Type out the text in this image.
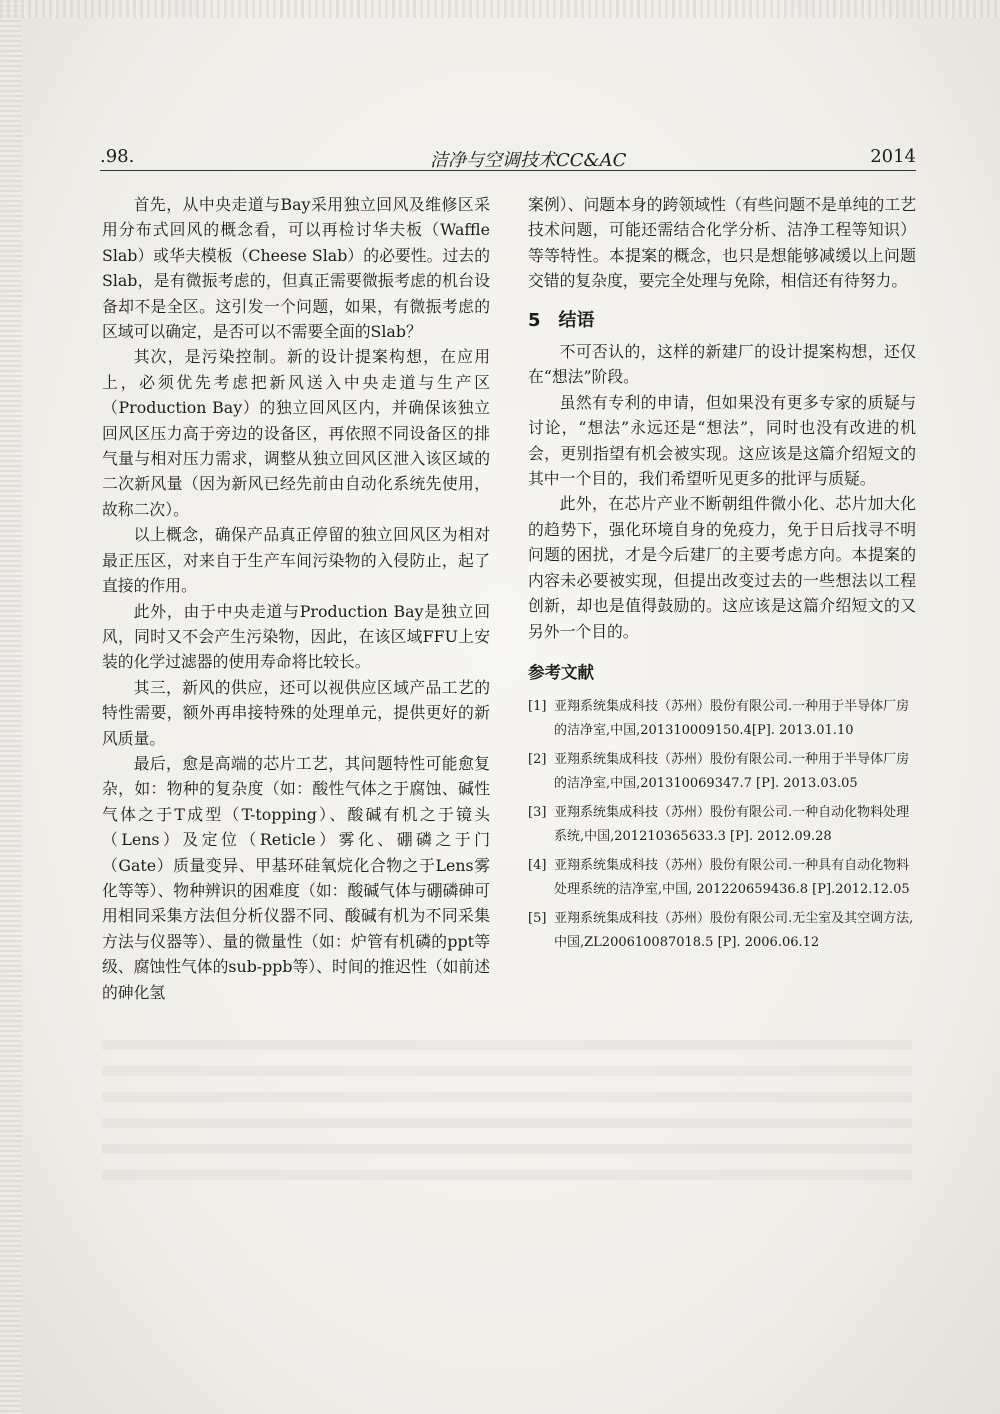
.98.	洁净与空调技术CC&AC	2014

首先，从中央走道与Bay采用独立回风及维修区采用分布式回风的概念看，可以再检讨华夫板（Waffle Slab）或华夫模板（Cheese Slab）的必要性。过去的Slab，是有微振考虑的，但真正需要微振考虑的机台设备却不是全区。这引发一个问题，如果，有微振考虑的区域可以确定，是否可以不需要全面的Slab？

其次，是污染控制。新的设计提案构想，在应用上，必须优先考虑把新风送入中央走道与生产区（Production Bay）的独立回风区内，并确保该独立回风区压力高于旁边的设备区，再依照不同设备区的排气量与相对压力需求，调整从独立回风区泄入该区域的二次新风量（因为新风已经先前由自动化系统先使用，故称二次）。

以上概念，确保产品真正停留的独立回风区为相对最正压区，对来自于生产车间污染物的入侵防止，起了直接的作用。

此外，由于中央走道与Production Bay是独立回风，同时又不会产生污染物，因此，在该区域FFU上安装的化学过滤器的使用寿命将比较长。

其三，新风的供应，还可以视供应区域产品工艺的特性需要，额外再串接特殊的处理单元，提供更好的新风质量。

最后，愈是高端的芯片工艺，其问题特性可能愈复杂，如：物种的复杂度（如：酸性气体之于腐蚀、碱性气体之于T成型（T-topping）、酸碱有机之于镜头（Lens）及定位（Reticle）雾化、硼磷之于门（Gate）质量变异、甲基环硅氧烷化合物之于Lens雾化等等）、物种辨识的困难度（如：酸碱气体与硼磷砷可用相同采集方法但分析仪器不同、酸碱有机为不同采集方法与仪器等）、量的微量性（如：炉管有机磷的ppt等级、腐蚀性气体的sub-ppb等）、时间的推迟性（如前述的砷化氢

案例）、问题本身的跨领域性（有些问题不是单纯的工艺技术问题，可能还需结合化学分析、洁净工程等知识）等等特性。本提案的概念，也只是想能够减缓以上问题交错的复杂度，要完全处理与免除，相信还有待努力。

5 结语

不可否认的，这样的新建厂的设计提案构想，还仅在“想法”阶段。

虽然有专利的申请，但如果没有更多专家的质疑与讨论，“想法”永远还是“想法”，同时也没有改进的机会，更别指望有机会被实现。这应该是这篇介绍短文的其中一个目的，我们希望听见更多的批评与质疑。

此外，在芯片产业不断朝组件微小化、芯片加大化的趋势下，强化环境自身的免疫力，免于日后找寻不明问题的困扰，才是今后建厂的主要考虑方向。本提案的内容未必要被实现，但提出改变过去的一些想法以工程创新，却也是值得鼓励的。这应该是这篇介绍短文的又另外一个目的。

参考文献
[1] 亚翔系统集成科技（苏州）股份有限公司.一种用于半导体厂房的洁净室,中国,201310009150.4[P]. 2013.01.10
[2] 亚翔系统集成科技（苏州）股份有限公司.一种用于半导体厂房的洁净室,中国,201310069347.7 [P]. 2013.03.05
[3] 亚翔系统集成科技（苏州）股份有限公司.一种自动化物料处理系统,中国,201210365633.3 [P]. 2012.09.28
[4] 亚翔系统集成科技（苏州）股份有限公司.一种具有自动化物料处理系统的洁净室,中国, 201220659436.8 [P].2012.12.05
[5] 亚翔系统集成科技（苏州）股份有限公司.无尘室及其空调方法,中国,ZL200610087018.5 [P]. 2006.06.12
